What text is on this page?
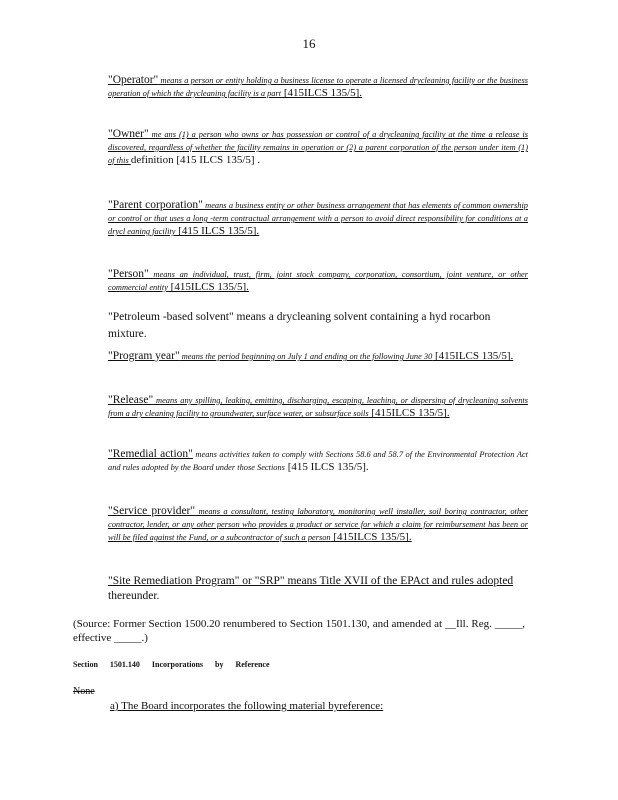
16
"Operator" means a person or entity holding a business license to operate a licensed drycleaning facility or the business operation of which the drycleaning facility is a part [415ILCS 135/5].
"Owner" me ans (1) a person who owns or has possession or control of a drycleaning facility at the time a release is discovered, regardless of whether the facility remains in operation or (2) a parent corporation of the person under item (1) of this definition [415 ILCS 135/5] .
"Parent corporation" means a business entity or other business arrangement that has elements of common ownership or control or that uses a long -term contractual arrangement with a person to avoid direct responsibility for conditions at a drycl eaning facility [415 ILCS 135/5].
"Person" means an individual, trust, firm, joint stock company, corporation, consortium, joint venture, or other commercial entity [415ILCS 135/5].
"Petroleum -based solvent" means a drycleaning solvent containing a hyd rocarbon mixture.
"Program year" means the period beginning on July 1 and ending on the following June 30 [415ILCS 135/5].
"Release" means any spilling, leaking, emitting, discharging, escaping, leaching, or dispersing of drycleaning solvents from a dry cleaning facility to groundwater, surface water, or subsurface soils [415ILCS 135/5].
"Remedial action" means activities taken to comply with Sections 58.6 and 58.7 of the Environmental Protection Act and rules adopted by the Board under those Sections [415 ILCS 135/5].
"Service provider" means a consultant, testing laboratory, monitoring well installer, soil boring contractor, other contractor, lender, or any other person who provides a product or service for which a claim for reimbursement has been or will be filed against the Fund, or a subcontractor of such a person [415ILCS 135/5].
"Site Remediation Program" or "SRP" means Title XVII of the EPAct and rules adopted
thereunder.
(Source: Former Section 1500.20 renumbered to Section 1501.130, and amended at __Ill. Reg. _____, effective _____.)
Section 1501.140 Incorporations by Reference
None
a) The Board incorporates the following material byreference:
